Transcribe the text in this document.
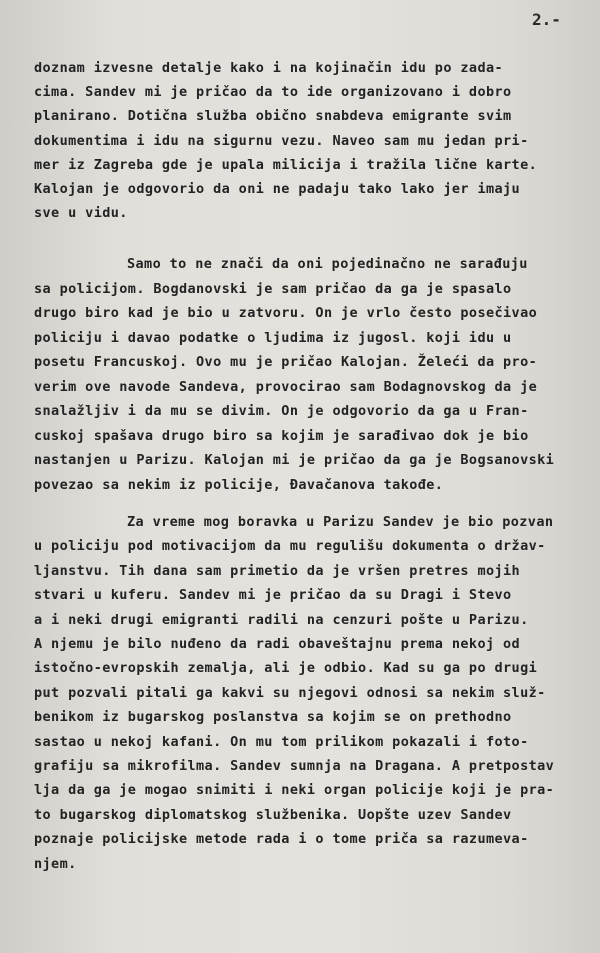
2.-
doznam izvesne detalje kako i na kojinačin idu po zada-
cima. Sandev mi je pričao da to ide organizovano i dobro
planirano. Dotična služba obično snabdeva emigrante svim
dokumentima i idu na sigurnu vezu. Naveo sam mu jedan pri-
mer iz Zagreba gde je upala milicija i tražila lične karte.
Kalojan je odgovorio da oni ne padaju tako lako jer imaju
sve u vidu.
Samo to ne znači da oni pojedinačno ne sarađuju
sa policijom. Bogdanovski je sam pričao da ga je spasalo
drugo biro kad je bio u zatvoru. On je vrlo često posečivao
policiju i davao podatke o ljudima iz jugosl. koji idu u
posetu Francuskoj. Ovo mu je pričao Kalojan. Želeći da pro-
verim ove navode Sandeva, provocirao sam Bodagnovskog da je
snalažljiv i da mu se divim. On je odgovorio da ga u Fran-
cuskoj spašava drugo biro sa kojim je sarađivao dok je bio
nastanjen u Parizu. Kalojan mi je pričao da ga je Bogsanovski
povezao sa nekim iz policije, Đavačanova takođe.
Za vreme mog boravka u Parizu Sandev je bio pozvan
u policiju pod motivacijom da mu regulišu dokumenta o držav-
ljanstvu. Tih dana sam primetio da je vršen pretres mojih
stvari u kuferu. Sandev mi je pričao da su Dragi i Stevo
a i neki drugi emigranti radili na cenzuri pošte u Parizu.
A njemu je bilo nuđeno da radi obaveštajnu prema nekoj od
istočno-evropskih zemalja, ali je odbio. Kad su ga po drugi
put pozvali pitali ga kakvi su njegovi odnosi sa nekim služ-
benikom iz bugarskog poslanstva sa kojim se on prethodno
sastao u nekoj kafani. On mu tom prilikom pokazali i foto-
grafiju sa mikrofilma. Sandev sumnja na Dragana. A pretpostav
lja da ga je mogao snimiti i neki organ policije koji je pra-
to bugarskog diplomatskog službenika. Uopšte uzev Sandev
poznaje policijske metode rada i o tome priča sa razumeva-
njem.
